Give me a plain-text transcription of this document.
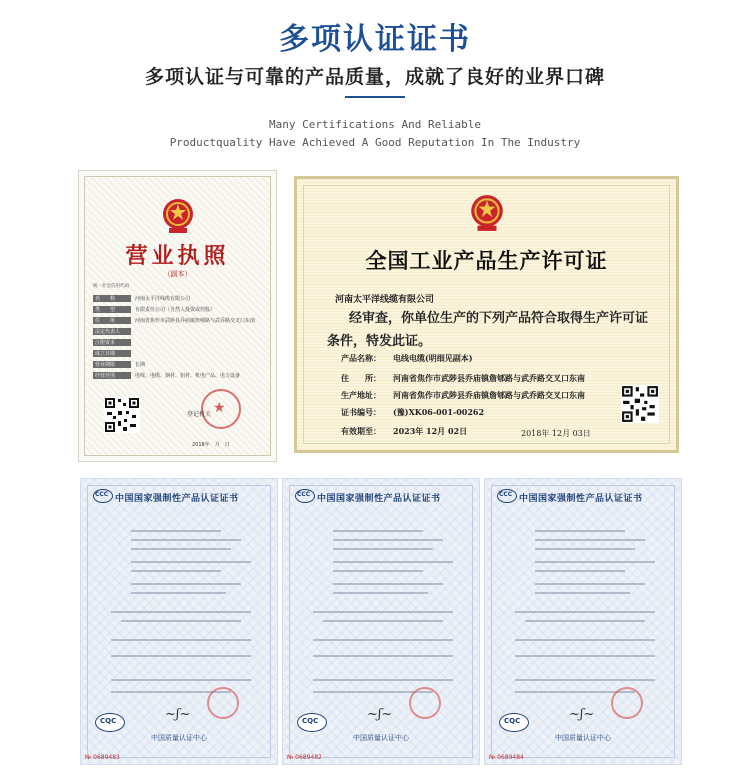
多项认证证书
多项认证与可靠的产品质量，成就了良好的业界口碑
Many Certifications And Reliable
Productquality Have Achieved A Good Reputation In The Industry
营业执照
（副本）
统一社会信用代码
名　　称	河南太平洋线缆有限公司
类　　型	有限责任公司（自然人投资或控股）
住　　所	河南省焦作市武陟县乔庙镇詹郇路与武乔路交叉口东南
法定代表人
注册资本
成立日期
营业期限	长期
经营范围	电线、电缆、钢材、铝材、机电产品、电力设备
★
登记机关
2018年　月　日
全国工业产品生产许可证
河南太平洋线缆有限公司
经审查，你单位生产的下列产品符合取得生产许可证
条件，特发此证。
产品名称： 电线电缆(明细见副本)
住　　所： 河南省焦作市武陟县乔庙镇詹郇路与武乔路交叉口东南
生产地址： 河南省焦作市武陟县乔庙镇詹郇路与武乔路交叉口东南
证书编号： (豫)XK06-001-00262
有效期至： 2023年 12月 02日	2018年 12月 03日
CCC 中国国家强制性产品认证证书
~ʃ~
CQC
中国质量认证中心
№ 0689483
CCC 中国国家强制性产品认证证书
~ʃ~
CQC
中国质量认证中心
№ 0689482
CCC 中国国家强制性产品认证证书
~ʃ~
CQC
中国质量认证中心
№ 0689484
